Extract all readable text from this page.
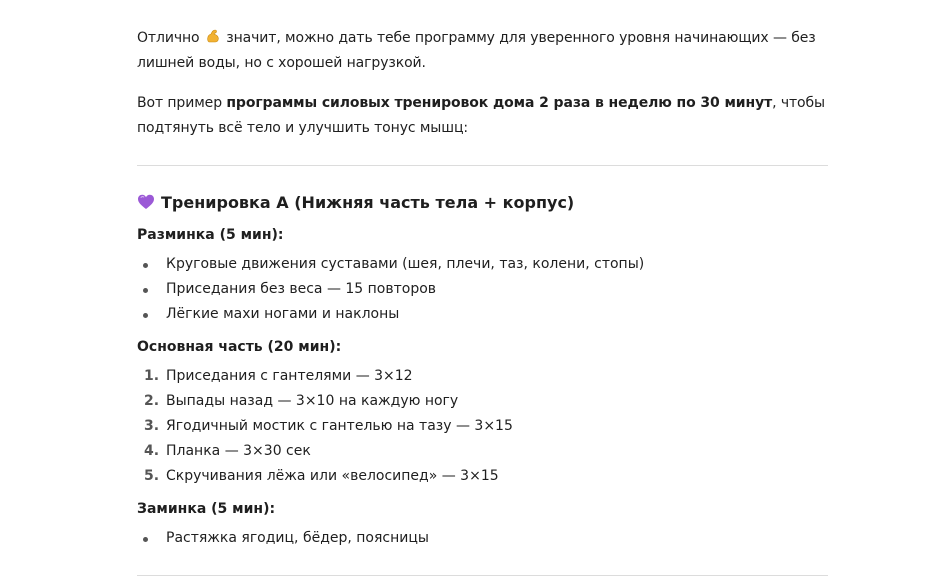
Отлично  значит, можно дать тебе программу для уверенного уровня начинающих — без лишней воды, но с хорошей нагрузкой.

Вот пример программы силовых тренировок дома 2 раза в неделю по 30 минут, чтобы подтянуть всё тело и улучшить тонус мышц:

Тренировка A (Нижняя часть тела + корпус)
Разминка (5 мин):
Круговые движения суставами (шея, плечи, таз, колени, стопы)
Приседания без веса — 15 повторов
Лёгкие махи ногами и наклоны
Основная часть (20 мин):
1. Приседания с гантелями — 3×12
2. Выпады назад — 3×10 на каждую ногу
3. Ягодичный мостик с гантелью на тазу — 3×15
4. Планка — 3×30 сек
5. Скручивания лёжа или «велосипед» — 3×15
Заминка (5 мин):
Растяжка ягодиц, бёдер, поясницы
